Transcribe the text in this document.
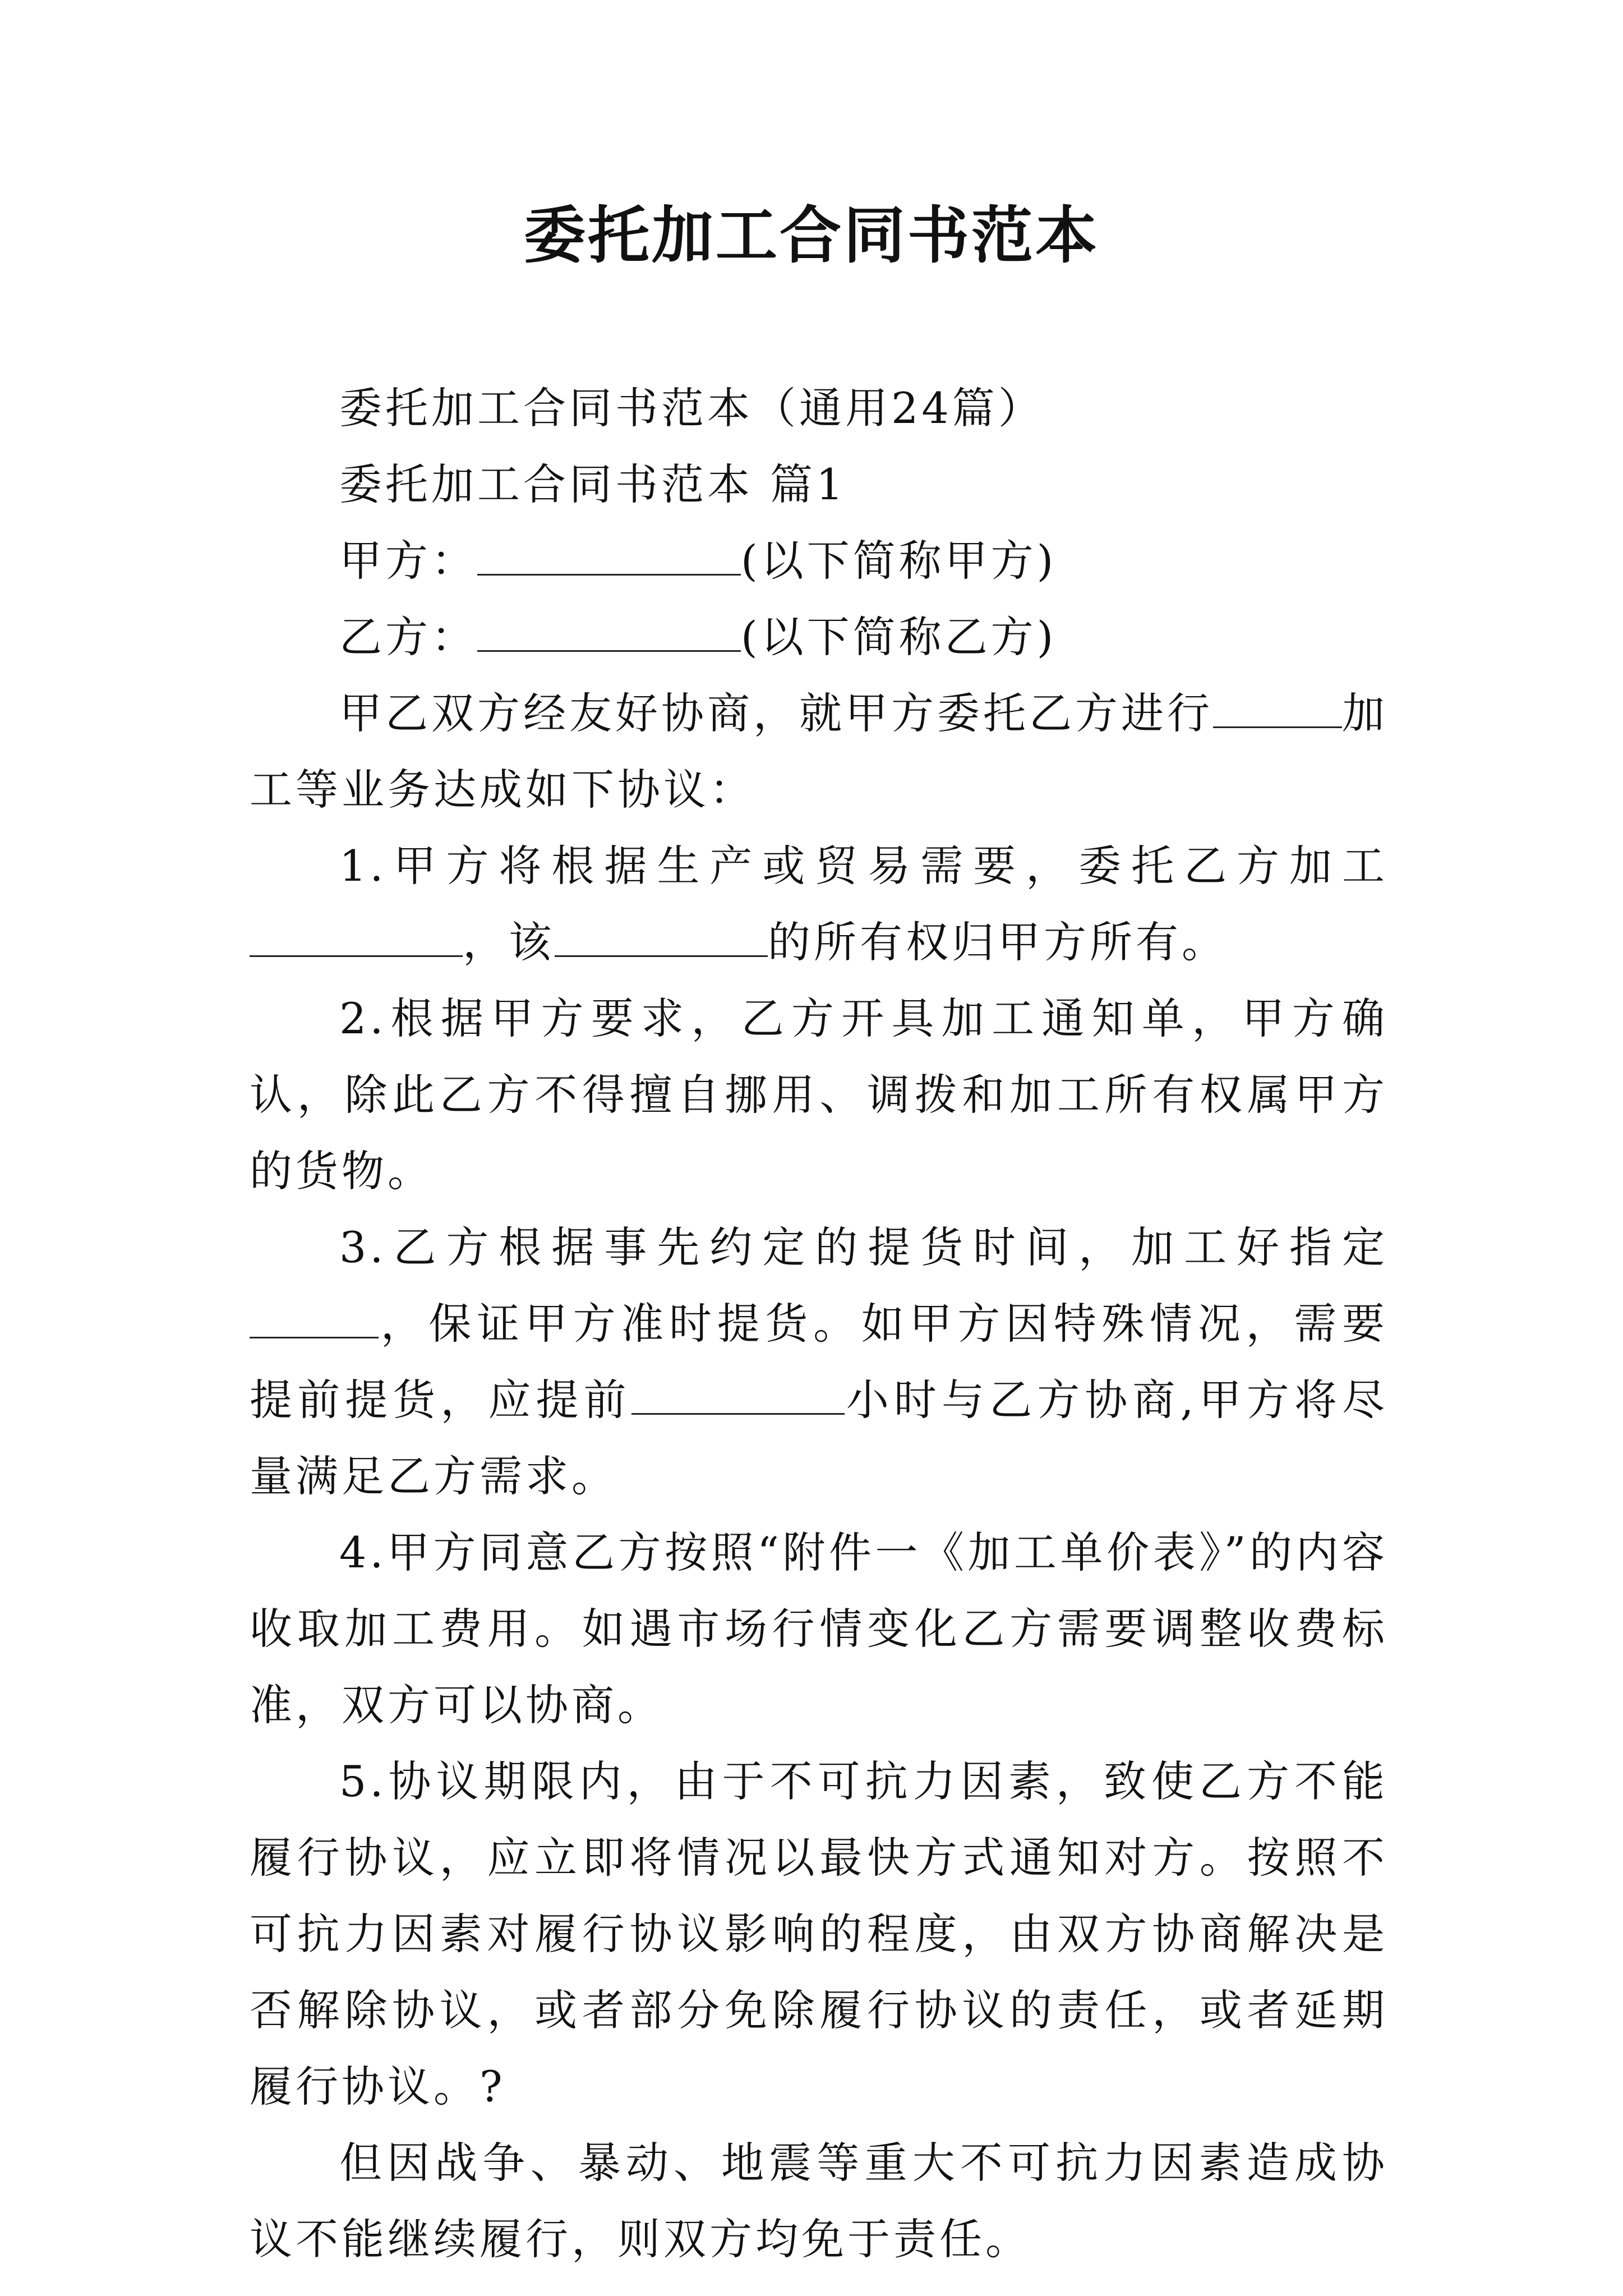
委托加工合同书范本

委托加工合同书范本（通用24篇）

委托加工合同书范本 篇1

甲方：	(以下简称甲方)

乙方：	(以下简称乙方)

甲乙双方经友好协商，就甲方委托乙方进行	加工等业务达成如下协议：

1.甲方将根据生产或贸易需要，委托乙方加工，该	的所有权归甲方所有。

2.根据甲方要求，乙方开具加工通知单，甲方确认，除此乙方不得擅自挪用、调拨和加工所有权属甲方的货物。

3.乙方根据事先约定的提货时间，加工好指定，保证甲方准时提货。如甲方因特殊情况，需要提前提货，应提前	小时与乙方协商,甲方将尽量满足乙方需求。

4.甲方同意乙方按照“附件一《加工单价表》”的内容收取加工费用。如遇市场行情变化乙方需要调整收费标准，双方可以协商。

5.协议期限内，由于不可抗力因素，致使乙方不能履行协议，应立即将情况以最快方式通知对方。按照不可抗力因素对履行协议影响的程度，由双方协商解决是否解除协议，或者部分免除履行协议的责任，或者延期履行协议。?

但因战争、暴动、地震等重大不可抗力因素造成协议不能继续履行，则双方均免于责任。
